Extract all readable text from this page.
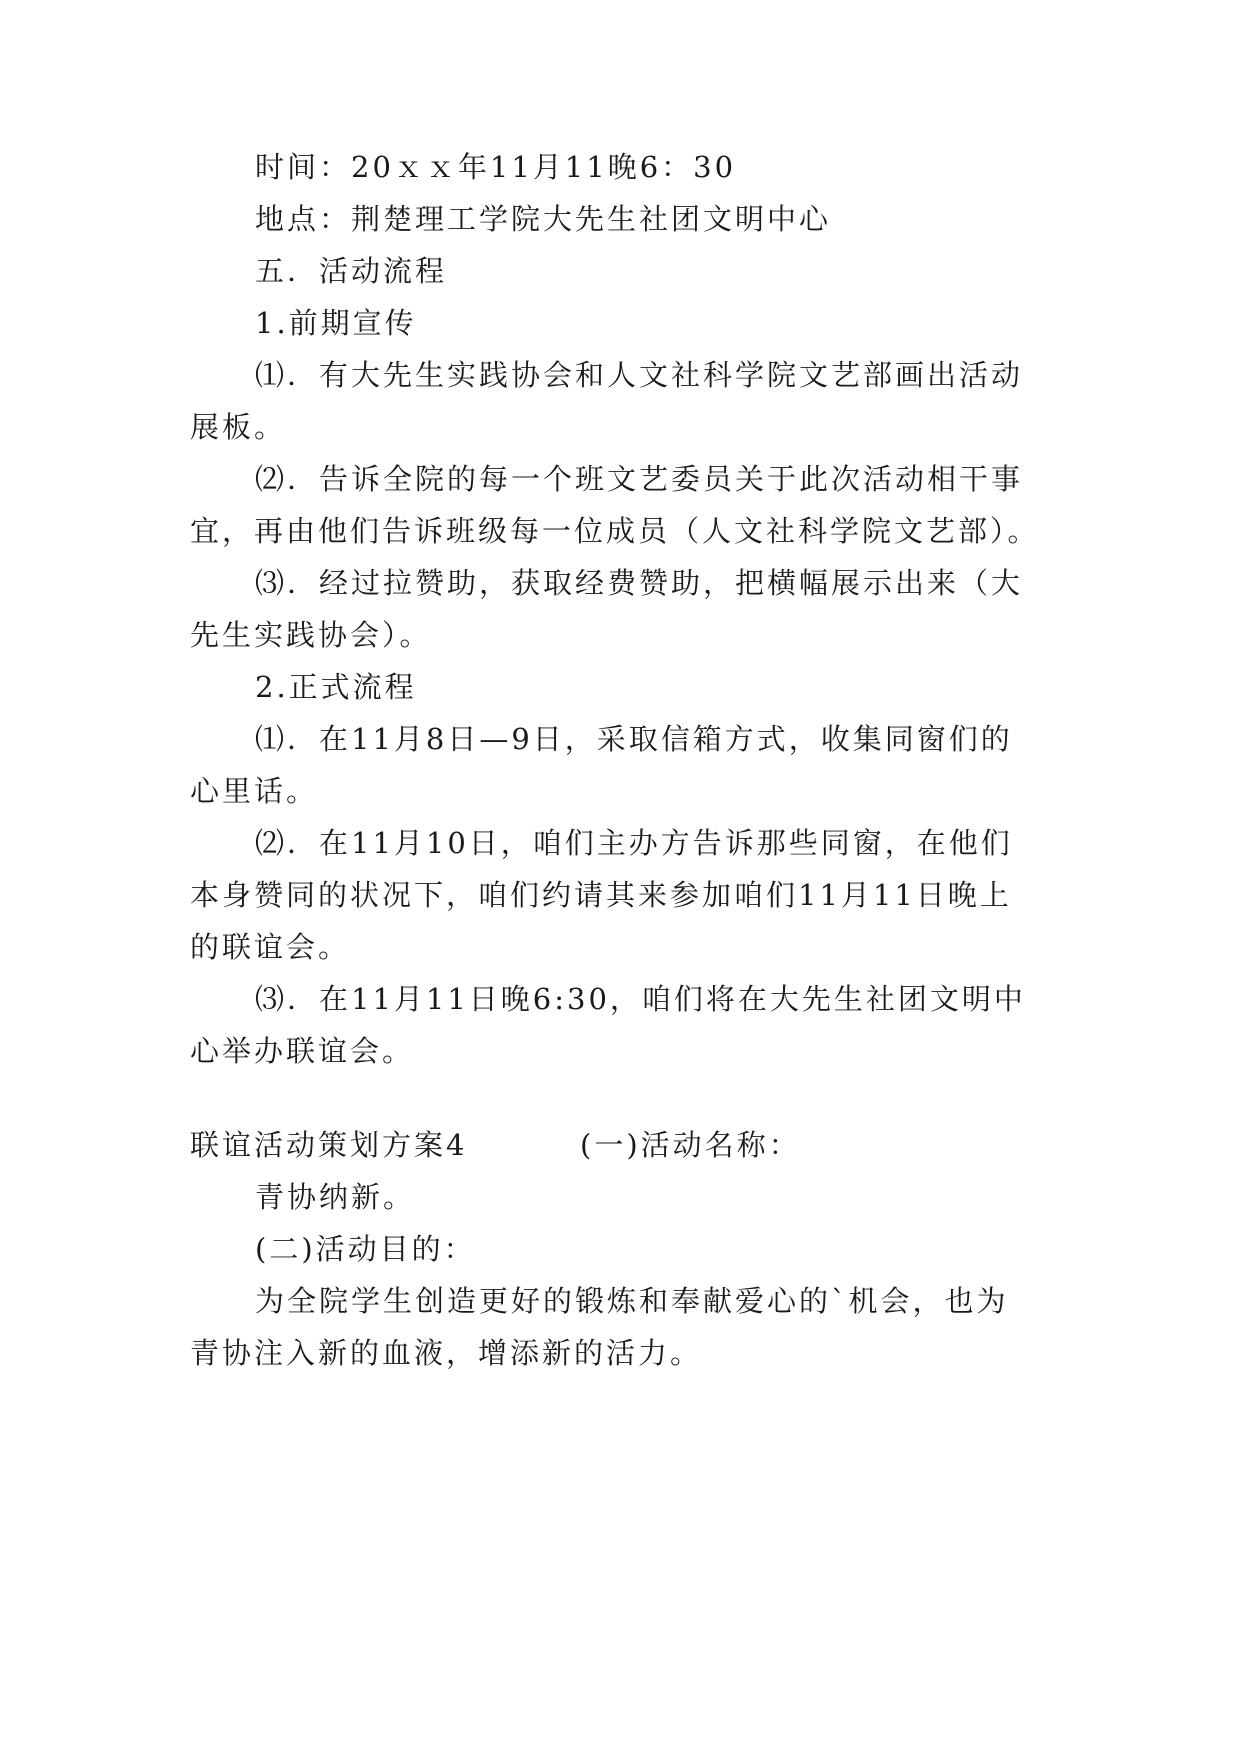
时间：20ｘｘ年11月11晚6：30
地点：荆楚理工学院大先生社团文明中心
五．活动流程
1.前期宣传
⑴．有大先生实践协会和人文社科学院文艺部画出活动
展板。
⑵．告诉全院的每一个班文艺委员关于此次活动相干事
宜，再由他们告诉班级每一位成员（人文社科学院文艺部）。
⑶．经过拉赞助，获取经费赞助，把横幅展示出来（大
先生实践协会）。
2.正式流程
⑴．在11月8日—9日，采取信箱方式，收集同窗们的
心里话。
⑵．在11月10日，咱们主办方告诉那些同窗，在他们
本身赞同的状况下，咱们约请其来参加咱们11月11日晚上
的联谊会。
⑶．在11月11日晚6:30，咱们将在大先生社团文明中
心举办联谊会。
联谊活动策划方案4	(一)活动名称：
青协纳新。
(二)活动目的：
为全院学生创造更好的锻炼和奉献爱心的`机会，也为
青协注入新的血液，增添新的活力。
